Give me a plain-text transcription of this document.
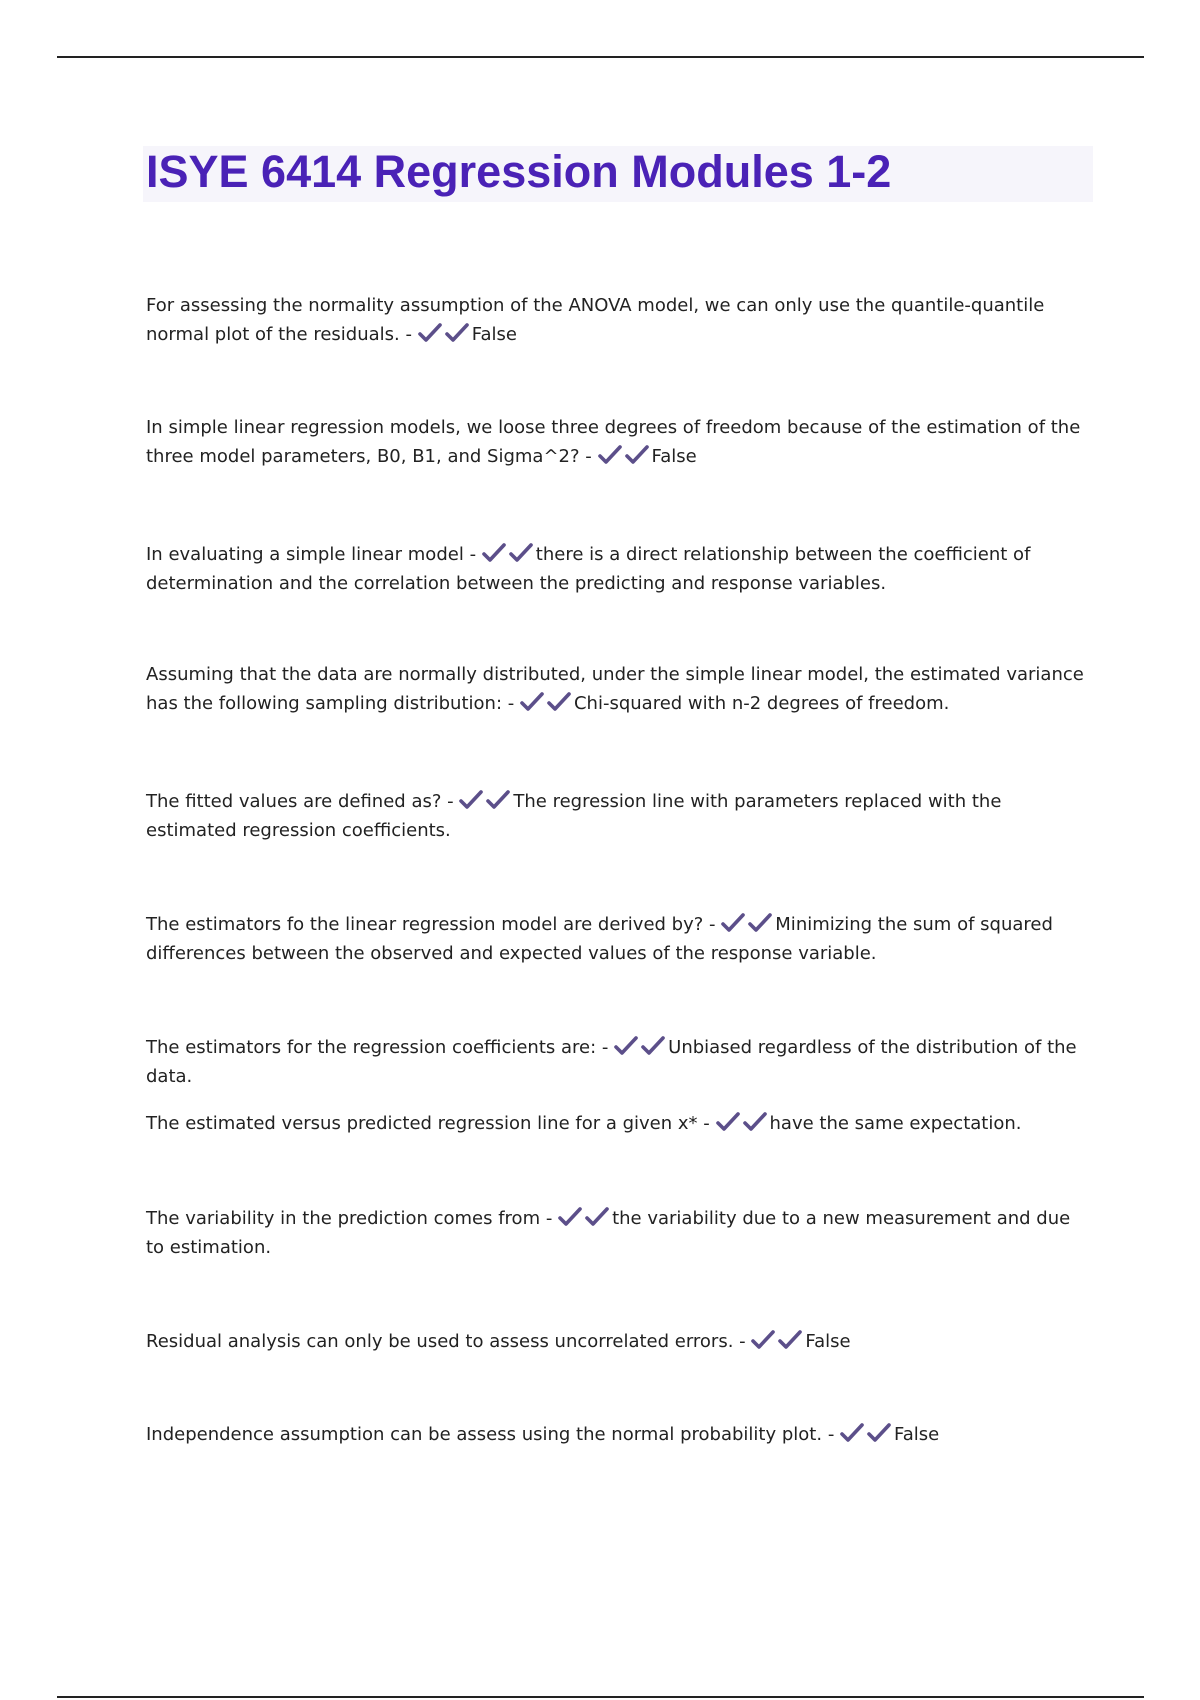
ISYE 6414 Regression Modules 1-2

For assessing the normality assumption of the ANOVA model, we can only use the quantile-quantile normal plot of the residuals. -	False

In simple linear regression models, we loose three degrees of freedom because of the estimation of the three model parameters, B0, B1, and Sigma^2? -	False

In evaluating a simple linear model -	there is a direct relationship between the coefficient of determination and the correlation between the predicting and response variables.

Assuming that the data are normally distributed, under the simple linear model, the estimated variance has the following sampling distribution: -	Chi-squared with n-2 degrees of freedom.

The fitted values are defined as? -	The regression line with parameters replaced with the estimated regression coefficients.

The estimators fo the linear regression model are derived by? -	Minimizing the sum of squared differences between the observed and expected values of the response variable.

The estimators for the regression coefficients are: -	Unbiased regardless of the distribution of the data.

The estimated versus predicted regression line for a given x* -	have the same expectation.

The variability in the prediction comes from -	the variability due to a new measurement and due to estimation.

Residual analysis can only be used to assess uncorrelated errors. -	False

Independence assumption can be assess using the normal probability plot. -	False
